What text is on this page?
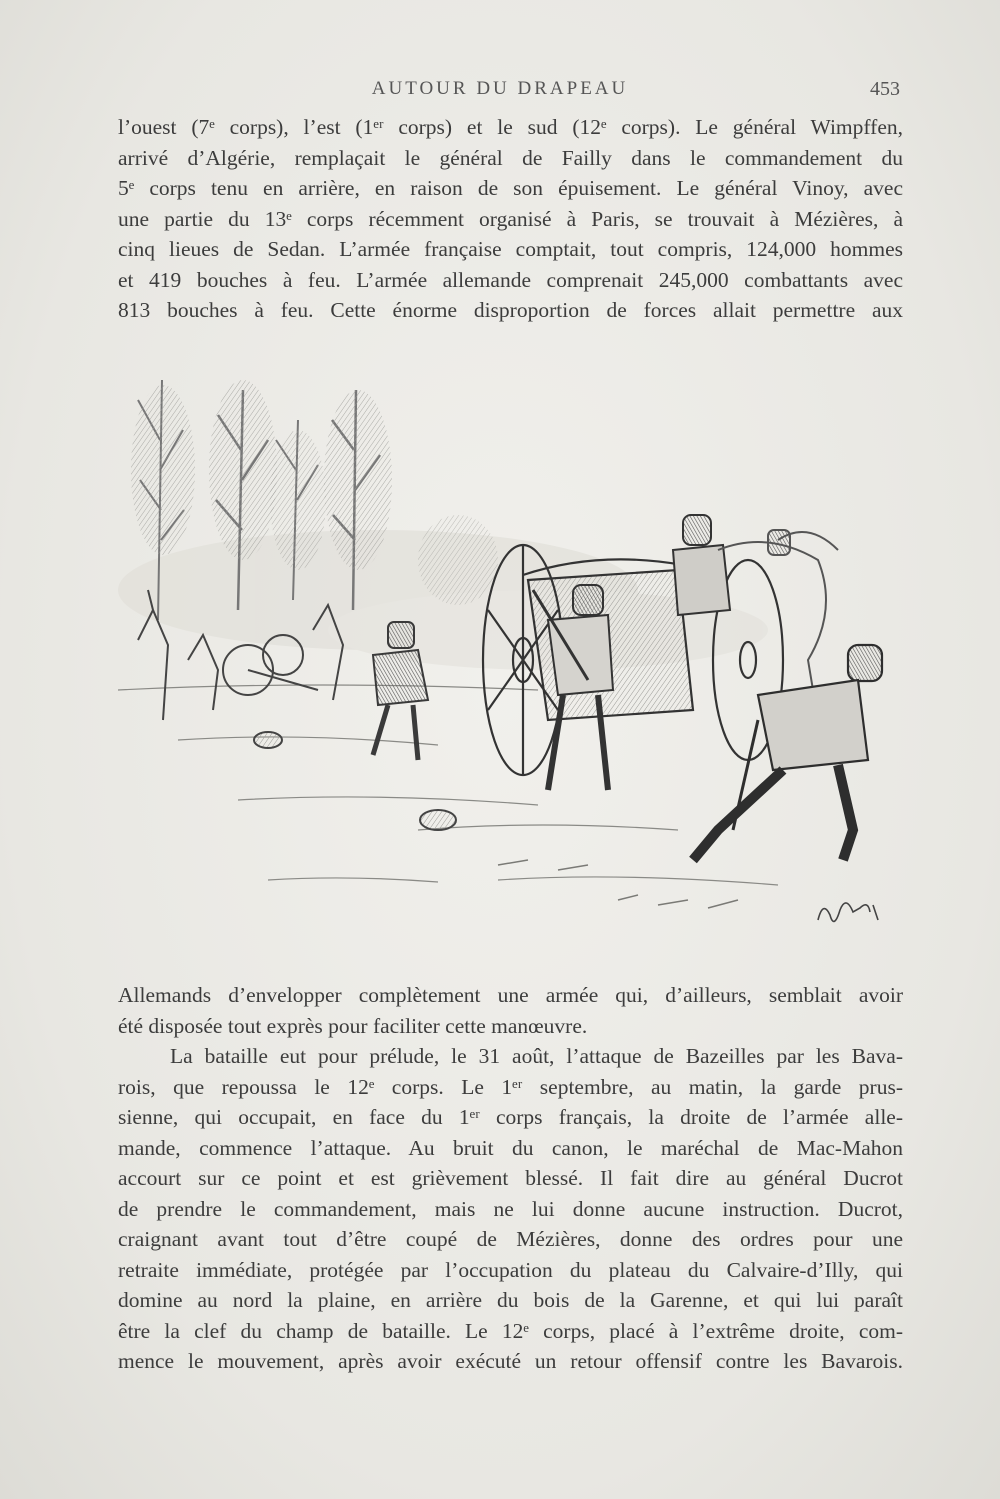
AUTOUR DU DRAPEAU	453
l’ouest (7ᵉ corps), l’est (1ᵉʳ corps) et le sud (12ᵉ corps). Le général Wimpffen,
arrivé d’Algérie, remplaçait le général de Failly dans le commandement du
5ᵉ corps tenu en arrière, en raison de son épuisement. Le général Vinoy, avec
une partie du 13ᵉ corps récemment organisé à Paris, se trouvait à Mézières, à
cinq lieues de Sedan. L’armée française comptait, tout compris, 124,000 hommes
et 419 bouches à feu. L’armée allemande comprenait 245,000 combattants avec
813 bouches à feu. Cette énorme disproportion de forces allait permettre aux
Allemands d’envelopper complètement une armée qui, d’ailleurs, semblait avoir
été disposée tout exprès pour faciliter cette manœuvre.
La bataille eut pour prélude, le 31 août, l’attaque de Bazeilles par les Bava-
rois, que repoussa le 12ᵉ corps. Le 1ᵉʳ septembre, au matin, la garde prus-
sienne, qui occupait, en face du 1ᵉʳ corps français, la droite de l’armée alle-
mande, commence l’attaque. Au bruit du canon, le maréchal de Mac-Mahon
accourt sur ce point et est grièvement blessé. Il fait dire au général Ducrot
de prendre le commandement, mais ne lui donne aucune instruction. Ducrot,
craignant avant tout d’être coupé de Mézières, donne des ordres pour une
retraite immédiate, protégée par l’occupation du plateau du Calvaire-d’Illy, qui
domine au nord la plaine, en arrière du bois de la Garenne, et qui lui paraît
être la clef du champ de bataille. Le 12ᵉ corps, placé à l’extrême droite, com-
mence le mouvement, après avoir exécuté un retour offensif contre les Bavarois.
